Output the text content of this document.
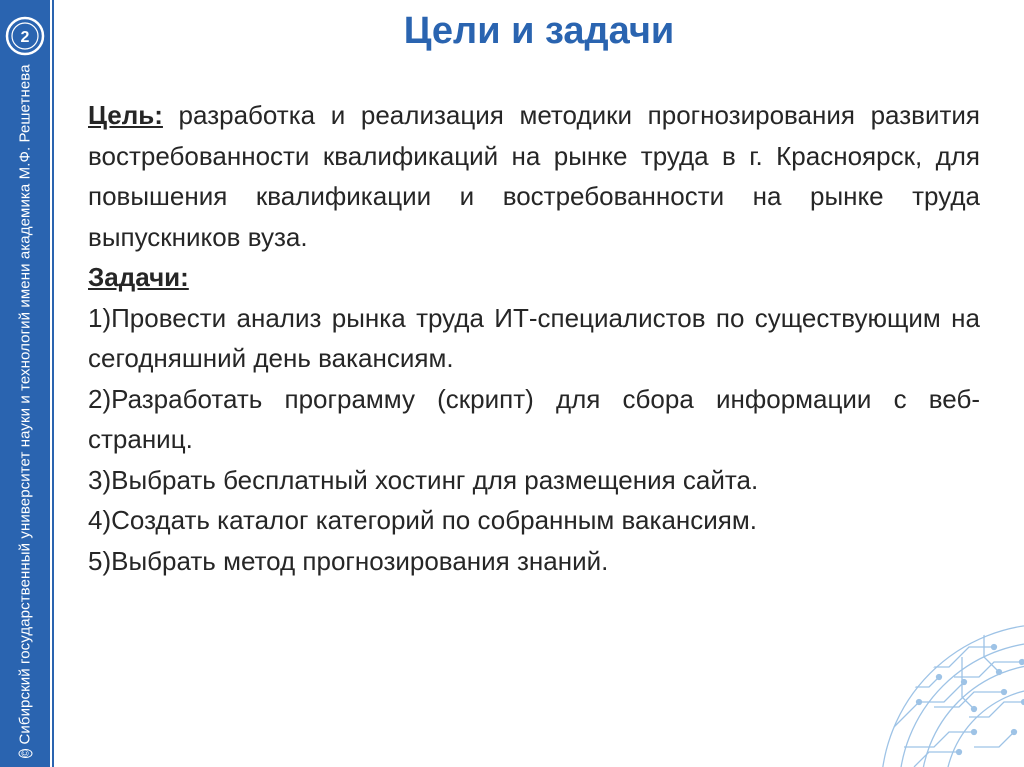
2
©
Сибирский государственный университет науки и технологий имени академика М.Ф. Решетнева
Цели и задачи

Цель: разработка и реализация методики прогнозирования развития востребованности квалификаций на рынке труда в г. Красноярск, для повышения квалификации и востребованности на рынке труда выпускников вуза.

Задачи:

1)Провести анализ рынка труда ИТ-специалистов по существующим на сегодняшний день вакансиям.

2)Разработать программу (скрипт) для сбора информации с веб-страниц.

3)Выбрать бесплатный хостинг для размещения сайта.

4)Создать каталог категорий по собранным вакансиям.

5)Выбрать метод прогнозирования знаний.
